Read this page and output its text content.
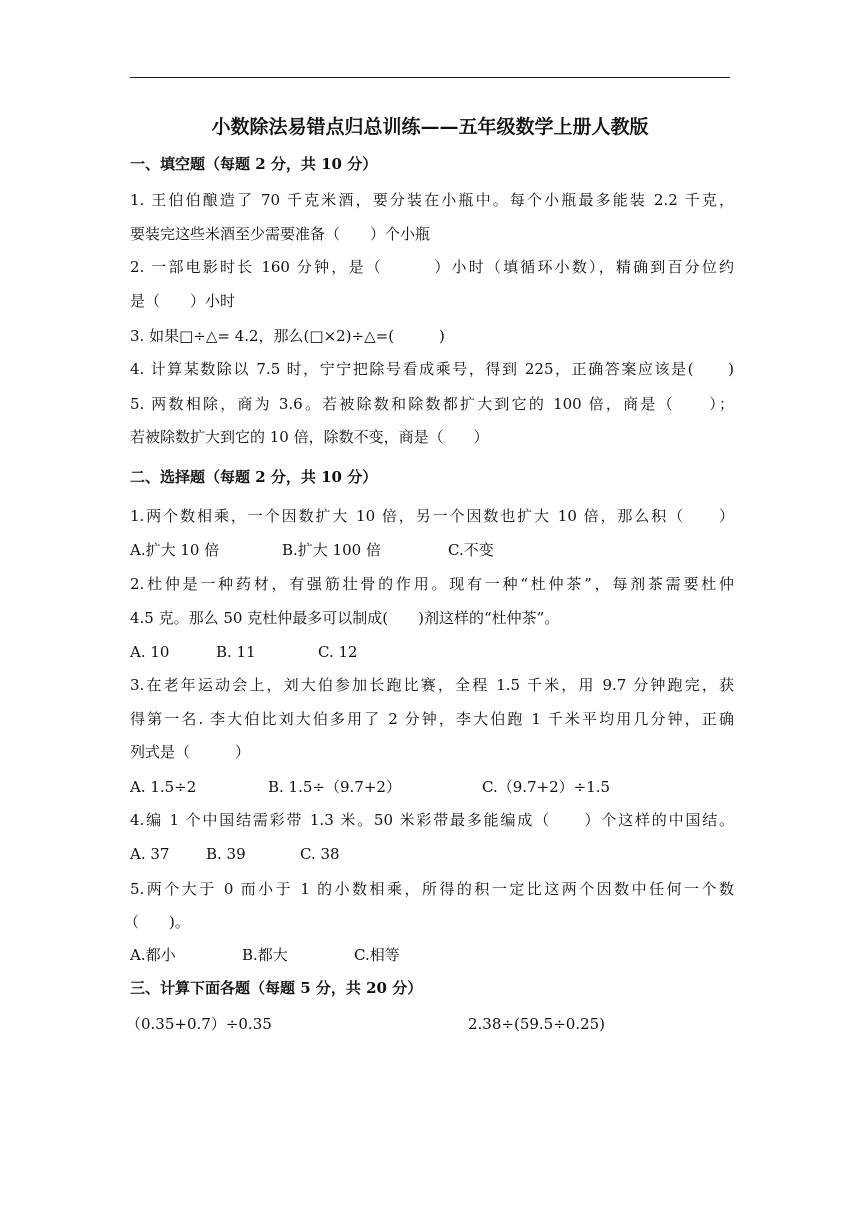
小数除法易错点归总训练——五年级数学上册人教版
一、填空题（每题 2 分，共 10 分）
1. 王伯伯酿造了 70 千克米酒，要分装在小瓶中。每个小瓶最多能装 2.2 千克，
要装完这些米酒至少需要准备（　　）个小瓶
2. 一部电影时长 160 分钟，是（　　　）小时（填循环小数），精确到百分位约
是（　　）小时
3. 如果□÷△= 4.2，那么(□×2)÷△=(　　　)
4. 计算某数除以 7.5 时，宁宁把除号看成乘号，得到 225，正确答案应该是(　　)
5. 两数相除，商为 3.6。若被除数和除数都扩大到它的 100 倍，商是（　　）；
若被除数扩大到它的 10 倍，除数不变，商是（　　）
二、选择题（每题 2 分，共 10 分）
1.两个数相乘，一个因数扩大 10 倍，另一个因数也扩大 10 倍，那么积（　　）
A.扩大 10 倍	B.扩大 100 倍	C.不变
2.杜仲是一种药材，有强筋壮骨的作用。现有一种“杜仲茶”，每剂茶需要杜仲
4.5 克。那么 50 克杜仲最多可以制成(　　)剂这样的“杜仲茶”。
A. 10	B. 11	C. 12
3.在老年运动会上，刘大伯参加长跑比赛，全程 1.5 千米，用 9.7 分钟跑完，获
得第一名. 李大伯比刘大伯多用了 2 分钟，李大伯跑 1 千米平均用几分钟，正确
列式是（　　　）
A. 1.5÷2	B. 1.5÷（9.7+2）	C.（9.7+2）÷1.5
4.编 1 个中国结需彩带 1.3 米。50 米彩带最多能编成（　　）个这样的中国结。
A. 37 B. 39	C. 38
5.两个大于 0 而小于 1 的小数相乘，所得的积一定比这两个因数中任何一个数
（　　)。
A.都小	B.都大	C.相等
三、计算下面各题（每题 5 分，共 20 分）
（0.35+0.7）÷0.35	2.38÷(59.5÷0.25)
